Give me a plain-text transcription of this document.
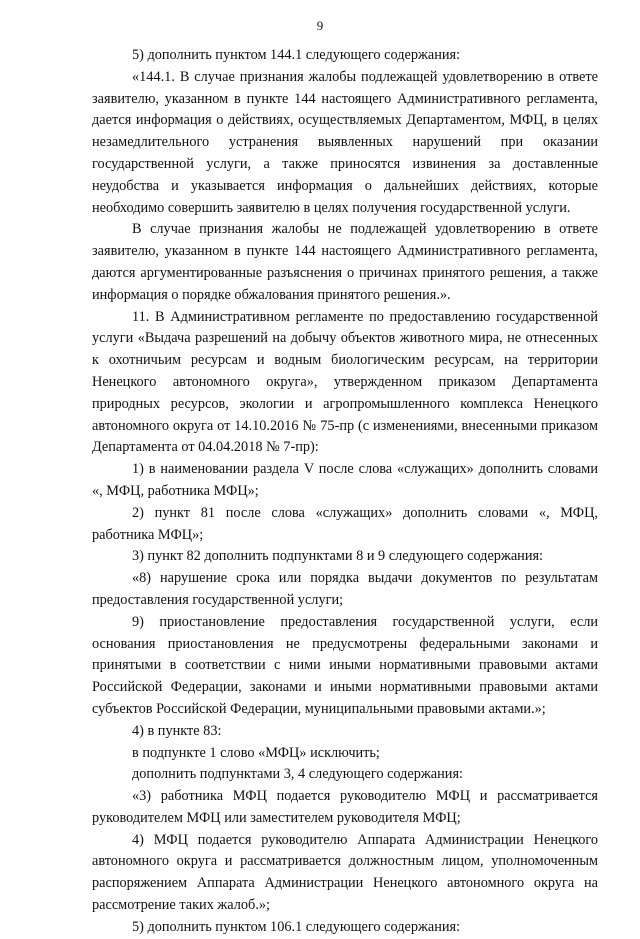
9

5) дополнить пунктом 144.1 следующего содержания:

«144.1. В случае признания жалобы подлежащей удовлетворению в ответе заявителю, указанном в пункте 144 настоящего Административного регламента, дается информация о действиях, осуществляемых Департаментом, МФЦ, в целях незамедлительного устранения выявленных нарушений при оказании государственной услуги, а также приносятся извинения за доставленные неудобства и указывается информация о дальнейших действиях, которые необходимо совершить заявителю в целях получения государственной услуги.

В случае признания жалобы не подлежащей удовлетворению в ответе заявителю, указанном в пункте 144 настоящего Административного регламента, даются аргументированные разъяснения о причинах принятого решения, а также информация о порядке обжалования принятого решения.».

11. В Административном регламенте по предоставлению государственной услуги «Выдача разрешений на добычу объектов животного мира, не отнесенных к охотничьим ресурсам и водным биологическим ресурсам, на территории Ненецкого автономного округа», утвержденном приказом Департамента природных ресурсов, экологии и агропромышленного комплекса Ненецкого автономного округа от 14.10.2016 № 75-пр (с изменениями, внесенными приказом Департамента от 04.04.2018 № 7-пр):

1) в наименовании раздела V после слова «служащих» дополнить словами «, МФЦ, работника МФЦ»;

2) пункт 81 после слова «служащих» дополнить словами «, МФЦ, работника МФЦ»;

3) пункт 82 дополнить подпунктами 8 и 9 следующего содержания:

«8) нарушение срока или порядка выдачи документов по результатам предоставления государственной услуги;

9) приостановление предоставления государственной услуги, если основания приостановления не предусмотрены федеральными законами и принятыми в соответствии с ними иными нормативными правовыми актами Российской Федерации, законами и иными нормативными правовыми актами субъектов Российской Федерации, муниципальными правовыми актами.»;

4) в пункте 83:

в подпункте 1 слово «МФЦ» исключить;

дополнить подпунктами 3, 4 следующего содержания:

«3) работника МФЦ подается руководителю МФЦ и рассматривается руководителем МФЦ или заместителем руководителя МФЦ;

4) МФЦ подается руководителю Аппарата Администрации Ненецкого автономного округа и рассматривается должностным лицом, уполномоченным распоряжением Аппарата Администрации Ненецкого автономного округа на рассмотрение таких жалоб.»;

5) дополнить пунктом 106.1 следующего содержания:
